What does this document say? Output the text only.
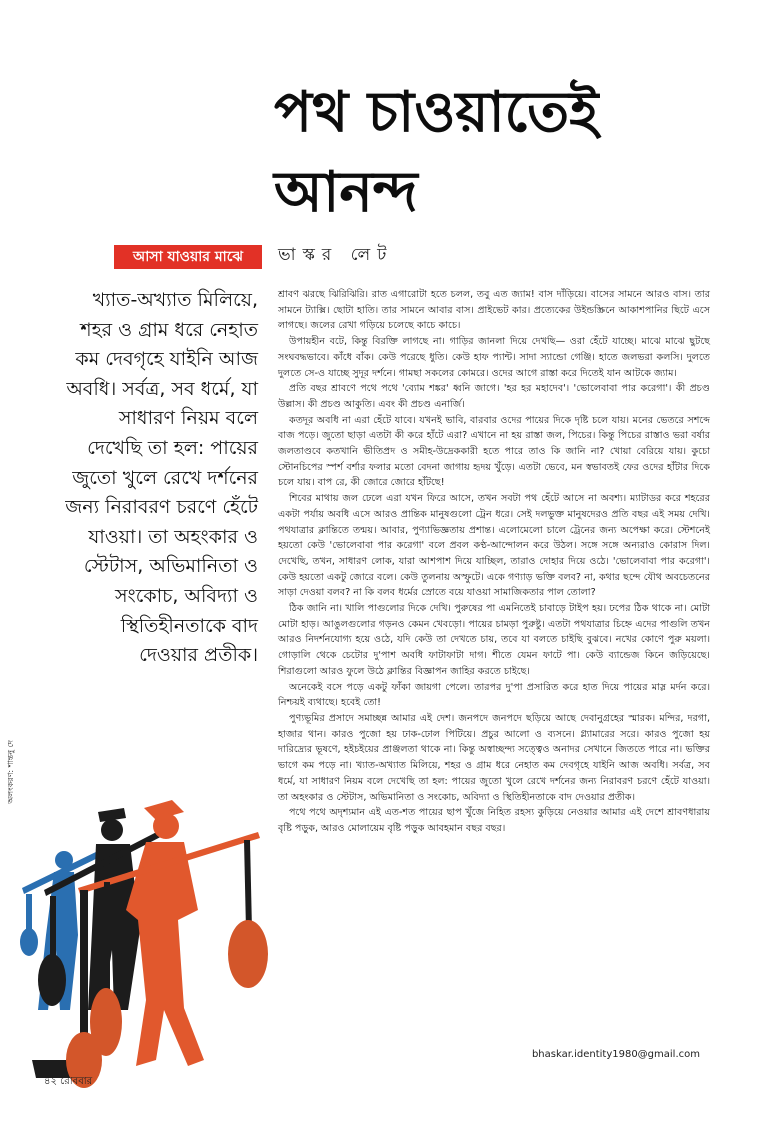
পথ চাওয়াতেই আনন্দ
ভাস্কর লেট
আসা যাওয়ার মাঝে

খ্যাত-অখ্যাত মিলিয়ে, শহর ও গ্রাম ধরে নেহাত কম দেবগৃহে যাইনি আজ অবধি। সর্বত্র, সব ধর্মে, যা সাধারণ নিয়ম বলে দেখেছি তা হল: পায়ের জুতো খুলে রেখে দর্শনের জন্য নিরাবরণ চরণে হেঁটে যাওয়া। তা অহংকার ও স্টেটাস, অভিমানিতা ও সংকোচ, অবিদ্যা ও স্থিতিহীনতাকে বাদ দেওয়ার প্রতীক।

শ্রাবণ ঝরছে ঝিরিঝিরি। রাত এগারোটা হতে চলল, তবু এত জ্যাম! বাস দাঁড়িয়ে। বাসের সামনে আরও বাস। তার সামনে ট্যাক্সি। ছোটা হাতি। তার সামনে আবার বাস। প্রাইভেট কার। প্রত্যেকের উইন্ডস্ক্রিনে আকাশপানির ছিটে এসে লাগছে। জলের রেখা গড়িয়ে চলেছে কাচে কাচে।

উপায়হীন বটে, কিন্তু বিরক্তি লাগছে না। গাড়ির জানলা দিয়ে দেখছি— ওরা হেঁটে যাচ্ছে। মাঝে মাঝে ছুটছে সংঘবদ্ধভাবে। কাঁধে বাঁক। কেউ পরেছে ধুতি। কেউ হাফ প্যান্ট। সাদা স্যান্ডো গেঞ্জি। হাতে জলভরা কলসি। দুলতে দুলতে সে-ও যাচ্ছে সুদূর দর্শনে। গামছা সকলের কোমরে। ওদের আগে রাস্তা করে দিতেই যান আটকে জ্যাম।

প্রতি বছর শ্রাবণে পথে পথে 'ব্যোম শঙ্কর' ধ্বনি জাগে। 'হর হর মহাদেব'। 'ভোলেবাবা পার করেগা'। কী প্রচণ্ড উল্লাস। কী প্রচণ্ড আকুতি। এবং কী প্রচণ্ড এনার্জি।

কতদূর অবধি না এরা হেঁটে যাবে। যখনই ভাবি, বারবার ওদের পায়ের দিকে দৃষ্টি চলে যায়। মনের ভেতরে সশব্দে বাজ পড়ে। জুতো ছাড়া এতটা কী করে হাঁটে এরা? এখানে না হয় রাস্তা জল, পিচের। কিন্তু পিচের রাস্তাও ভরা বর্ষার জলতাণ্ডবে কতখানি ভীতিপ্রদ ও সমীহ-উদ্রেককারী হতে পারে তাও কি জানি না? খোয়া বেরিয়ে যায়। কুচো স্টোনচিপের স্পর্শ বর্শার ফলার মতো বেদনা জাগায় হৃদয় খুঁড়ে। এতটা ভেবে, মন স্বভাবতই ফের ওদের হাঁটার দিকে চলে যায়। বাপ রে, কী জোরে জোরে হাঁটছে!

শিবের মাথায় জল ঢেলে এরা যখন ফিরে আসে, তখন সবটা পথ হেঁটে আসে না অবশ্য। ম্যাটাডর করে শহরের একটা পর্যায় অবধি এসে আরও প্রান্তিক মানুষগুলো ট্রেন ধরে। সেই দলভুক্ত মানুষদেরও প্রতি বছর এই সময় দেখি। পথযাত্রার ক্লান্তিতে তন্ময়। আবার, পুণ্যাভিজ্ঞতায় প্রশান্ত। এলোমেলো চালে ট্রেনের জন্য অপেক্ষা করে। স্টেশনেই হয়তো কেউ 'ভোলেবাবা পার করেগা' বলে প্রবল কণ্ঠ-আন্দোলন করে উঠল। সঙ্গে সঙ্গে অন্যরাও কোরাস দিল। দেখেছি, তখন, সাধারণ লোক, যারা আশপাশ দিয়ে যাচ্ছিল, তারাও দোহার দিয়ে ওঠে। 'ভোলেবাবা পার করেগা'। কেউ হয়তো একটু জোরে বলে। কেউ তুলনায় অস্ফুটে। একে গণ্যাড় ভক্তি বলব? না, কথার ছন্দে যৌথ অবচেতনের সাড়া দেওয়া বলব? না কি বলব ধর্মের স্রোতে বয়ে যাওয়া সামাজিকতার পাল তোলা?

ঠিক জানি না। খালি পাগুলোর দিকে দেখি। পুরুষের পা এমনিতেই চাবাড়ে টাইপ হয়। ঢপের ঠিক থাকে না। মোটা মোটা হাড়। আঙুলগুলোর গড়নও কেমন খেবড়ো। পায়ের চামড়া পুরুষ্টু। এতটা পথযাত্রার চিহ্নে এদের পাগুলি তখন আরও নিদর্শনযোগ্য হয়ে ওঠে, যদি কেউ তা দেখতে চায়, তবে যা বলতে চাইছি বুঝবে। নখের কোণে পুরু ময়লা। গোড়ালি থেকে চেটোর দু'পাশ অবধি ফাটাফাটা দাগ। শীতে যেমন ফাটে পা। কেউ ব্যান্ডেজ কিনে জড়িয়েছে। শিরাগুলো আরও ফুলে উঠে ক্লান্তির বিজ্ঞাপন জাহির করতে চাইছে।

অনেকেই বসে পড়ে একটু ফাঁকা জায়গা পেলে। তারপর দু'পা প্রসারিত করে হাত দিয়ে পায়ের মাস্ল মর্দন করে। নিশ্চয়ই ব্যথাছে। হবেই তো!

পুণ্যভূমির প্রসাদে সমাচ্ছন্ন আমার এই দেশ। জনপদে জনপদে ছড়িয়ে আছে দেবানুগ্রহের স্মারক। মন্দির, দরগা, হাজার থান। কারও পুজো হয় ঢাক-ঢোল পিটিয়ে। প্রচুর আলো ও ব্যসনে। গ্ল্যামারের সরে। কারও পুজো হয় দারিদ্র্যের ভূষণে, হইচইয়ের প্রাঞ্জলতা থাকে না। কিন্তু অস্বাচ্ছন্দ্য সত্ত্বেও অনাদর সেখানে জিততে পারে না। ভক্তির ভাগে কম পড়ে না। খ্যাত-অখ্যাত মিলিয়ে, শহর ও গ্রাম ধরে নেহাত কম দেবগৃহে যাইনি আজ অবধি। সর্বত্র, সব ধর্মে, যা সাধারণ নিয়ম বলে দেখেছি তা হল: পায়ের জুতো খুলে রেখে দর্শনের জন্য নিরাবরণ চরণে হেঁটে যাওয়া। তা অহংকার ও স্টেটাস, অভিমানিতা ও সংকোচ, অবিদ্যা ও স্থিতিহীনতাকে বাদ দেওয়ার প্রতীক।

পথে পথে অদৃশ্যমান এই এত-শত পায়ের ছাপ খুঁজে নিহিত রহস্য কুড়িয়ে নেওয়ার আমার এই দেশে শ্রাবণধারায় বৃষ্টি পড়ুক, আরও মোলায়েম বৃষ্টি পড়ুক আবহমান বছর বছর।

bhaskar.identity1980@gmail.com

অলংকরণ: শান্তনু দে

৪২ রোববার
